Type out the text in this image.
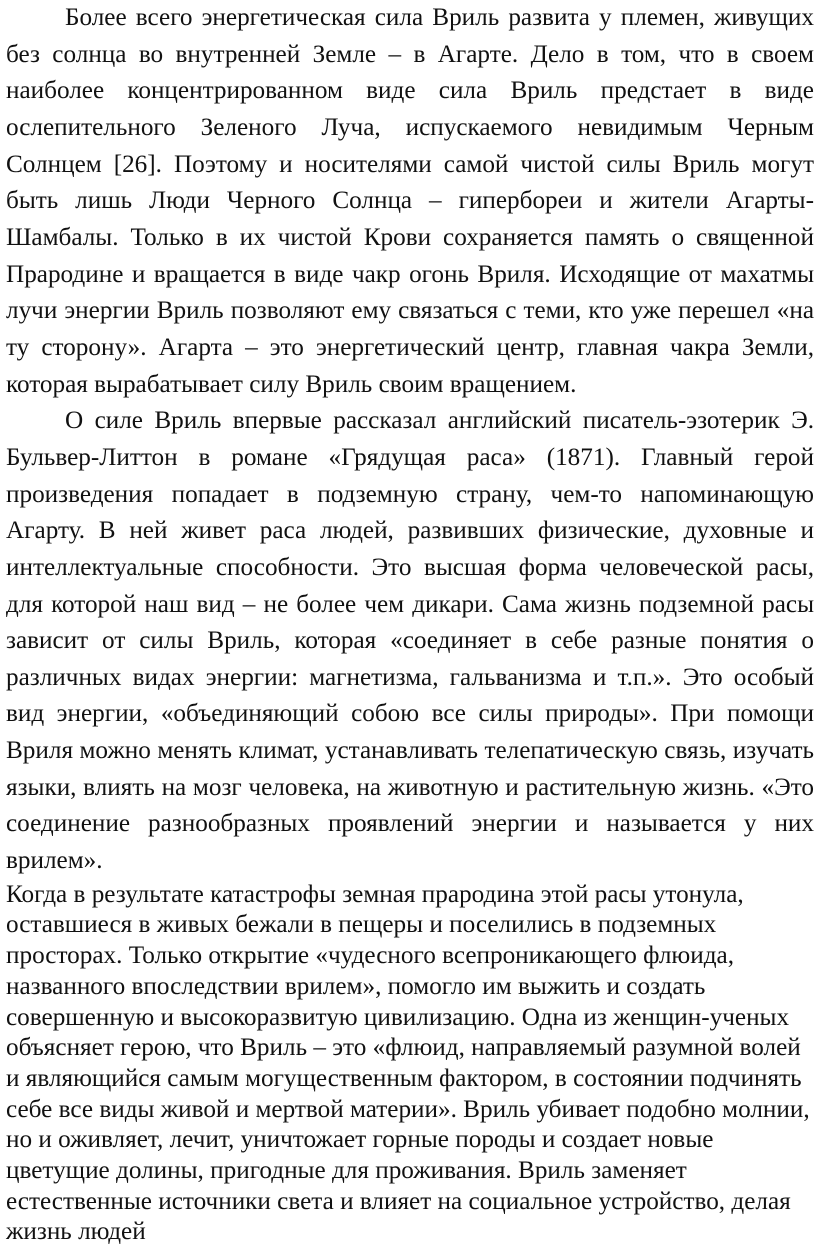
Более всего энергетическая сила Вриль развита у племен, живущих без солнца во внутренней Земле – в Агарте. Дело в том, что в своем наиболее концентрированном виде сила Вриль предстает в виде ослепительного Зеленого Луча, испускаемого невидимым Черным Солнцем [26]. Поэтому и носителями самой чистой силы Вриль могут быть лишь Люди Черного Солнца – гипербореи и жители Агарты-Шамбалы. Только в их чистой Крови сохраняется память о священной Прародине и вращается в виде чакр огонь Вриля. Исходящие от махатмы лучи энергии Вриль позволяют ему связаться с теми, кто уже перешел «на ту сторону». Агарта – это энергетический центр, главная чакра Земли, которая вырабатывает силу Вриль своим вращением.

О силе Вриль впервые рассказал английский писатель-эзотерик Э. Бульвер-Литтон в романе «Грядущая раса» (1871). Главный герой произведения попадает в подземную страну, чем-то напоминающую Агарту. В ней живет раса людей, развивших физические, духовные и интеллектуальные способности. Это высшая форма человеческой расы, для которой наш вид – не более чем дикари. Сама жизнь подземной расы зависит от силы Вриль, которая «соединяет в себе разные понятия о различных видах энергии: магнетизма, гальванизма и т.п.». Это особый вид энергии, «объединяющий собою все силы природы». При помощи Вриля можно менять климат, устанавливать телепатическую связь, изучать языки, влиять на мозг человека, на животную и растительную жизнь. «Это соединение разнообразных проявлений энергии и называется у них врилем».

Когда в результате катастрофы земная прародина этой расы утонула, оставшиеся в живых бежали в пещеры и поселились в подземных просторах. Только открытие «чудесного всепроникающего флюида, названного впоследствии врилем», помогло им выжить и создать совершенную и высокоразвитую цивилизацию. Одна из женщин-ученых объясняет герою, что Вриль – это «флюид, направляемый разумной волей и являющийся самым могущественным фактором, в состоянии подчинять себе все виды живой и мертвой материи». Вриль убивает подобно молнии, но и оживляет, лечит, уничтожает горные породы и создает новые цветущие долины, пригодные для проживания. Вриль заменяет естественные источники света и влияет на социальное устройство, делая жизнь людей
